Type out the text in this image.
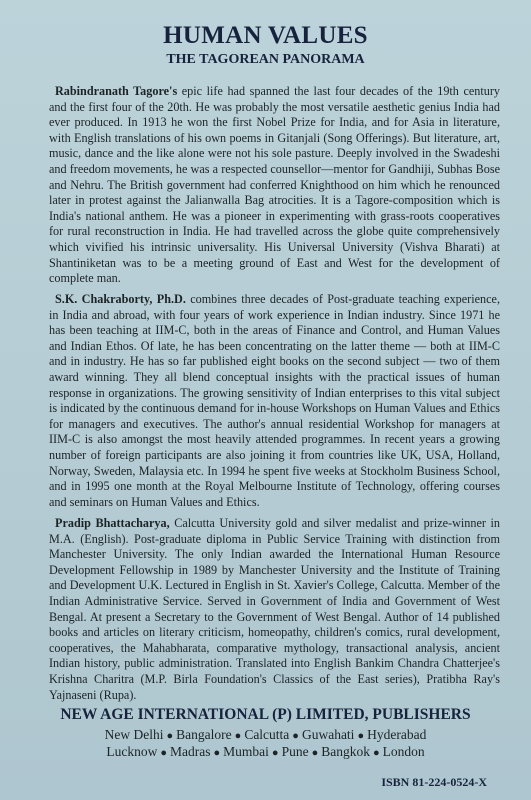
HUMAN VALUES
THE TAGOREAN PANORAMA

Rabindranath Tagore's epic life had spanned the last four decades of the 19th century and the first four of the 20th. He was probably the most versatile aesthetic genius India had ever produced. In 1913 he won the first Nobel Prize for India, and for Asia in literature, with English translations of his own poems in Gitanjali (Song Offerings). But literature, art, music, dance and the like alone were not his sole pasture. Deeply involved in the Swadeshi and freedom movements, he was a respected counsellor—mentor for Gandhiji, Subhas Bose and Nehru. The British government had conferred Knighthood on him which he renounced later in protest against the Jalianwalla Bag atrocities. It is a Tagore-composition which is India's national anthem. He was a pioneer in experimenting with grass-roots cooperatives for rural reconstruction in India. He had travelled across the globe quite comprehensively which vivified his intrinsic universality. His Universal University (Vishva Bharati) at Shantiniketan was to be a meeting ground of East and West for the development of complete man.

S.K. Chakraborty, Ph.D. combines three decades of Post-graduate teaching experience, in India and abroad, with four years of work experience in Indian industry. Since 1971 he has been teaching at IIM-C, both in the areas of Finance and Control, and Human Values and Indian Ethos. Of late, he has been concentrating on the latter theme — both at IIM-C and in industry. He has so far published eight books on the second subject — two of them award winning. They all blend conceptual insights with the practical issues of human response in organizations. The growing sensitivity of Indian enterprises to this vital subject is indicated by the continuous demand for in-house Workshops on Human Values and Ethics for managers and executives. The author's annual residential Workshop for managers at IIM-C is also amongst the most heavily attended programmes. In recent years a growing number of foreign participants are also joining it from countries like UK, USA, Holland, Norway, Sweden, Malaysia etc. In 1994 he spent five weeks at Stockholm Business School, and in 1995 one month at the Royal Melbourne Institute of Technology, offering courses and seminars on Human Values and Ethics.

Pradip Bhattacharya, Calcutta University gold and silver medalist and prize-winner in M.A. (English). Post-graduate diploma in Public Service Training with distinction from Manchester University. The only Indian awarded the International Human Resource Development Fellowship in 1989 by Manchester University and the Institute of Training and Development U.K. Lectured in English in St. Xavier's College, Calcutta. Member of the Indian Administrative Service. Served in Government of India and Government of West Bengal. At present a Secretary to the Government of West Bengal. Author of 14 published books and articles on literary criticism, homeopathy, children's comics, rural development, cooperatives, the Mahabharata, comparative mythology, transactional analysis, ancient Indian history, public administration. Translated into English Bankim Chandra Chatterjee's Krishna Charitra (M.P. Birla Foundation's Classics of the East series), Pratibha Ray's Yajnaseni (Rupa).

NEW AGE INTERNATIONAL (P) LIMITED, PUBLISHERS
New Delhi ● Bangalore ● Calcutta ● Guwahati ● Hyderabad
Lucknow ● Madras ● Mumbai ● Pune ● Bangkok ● London
ISBN 81-224-0524-X
